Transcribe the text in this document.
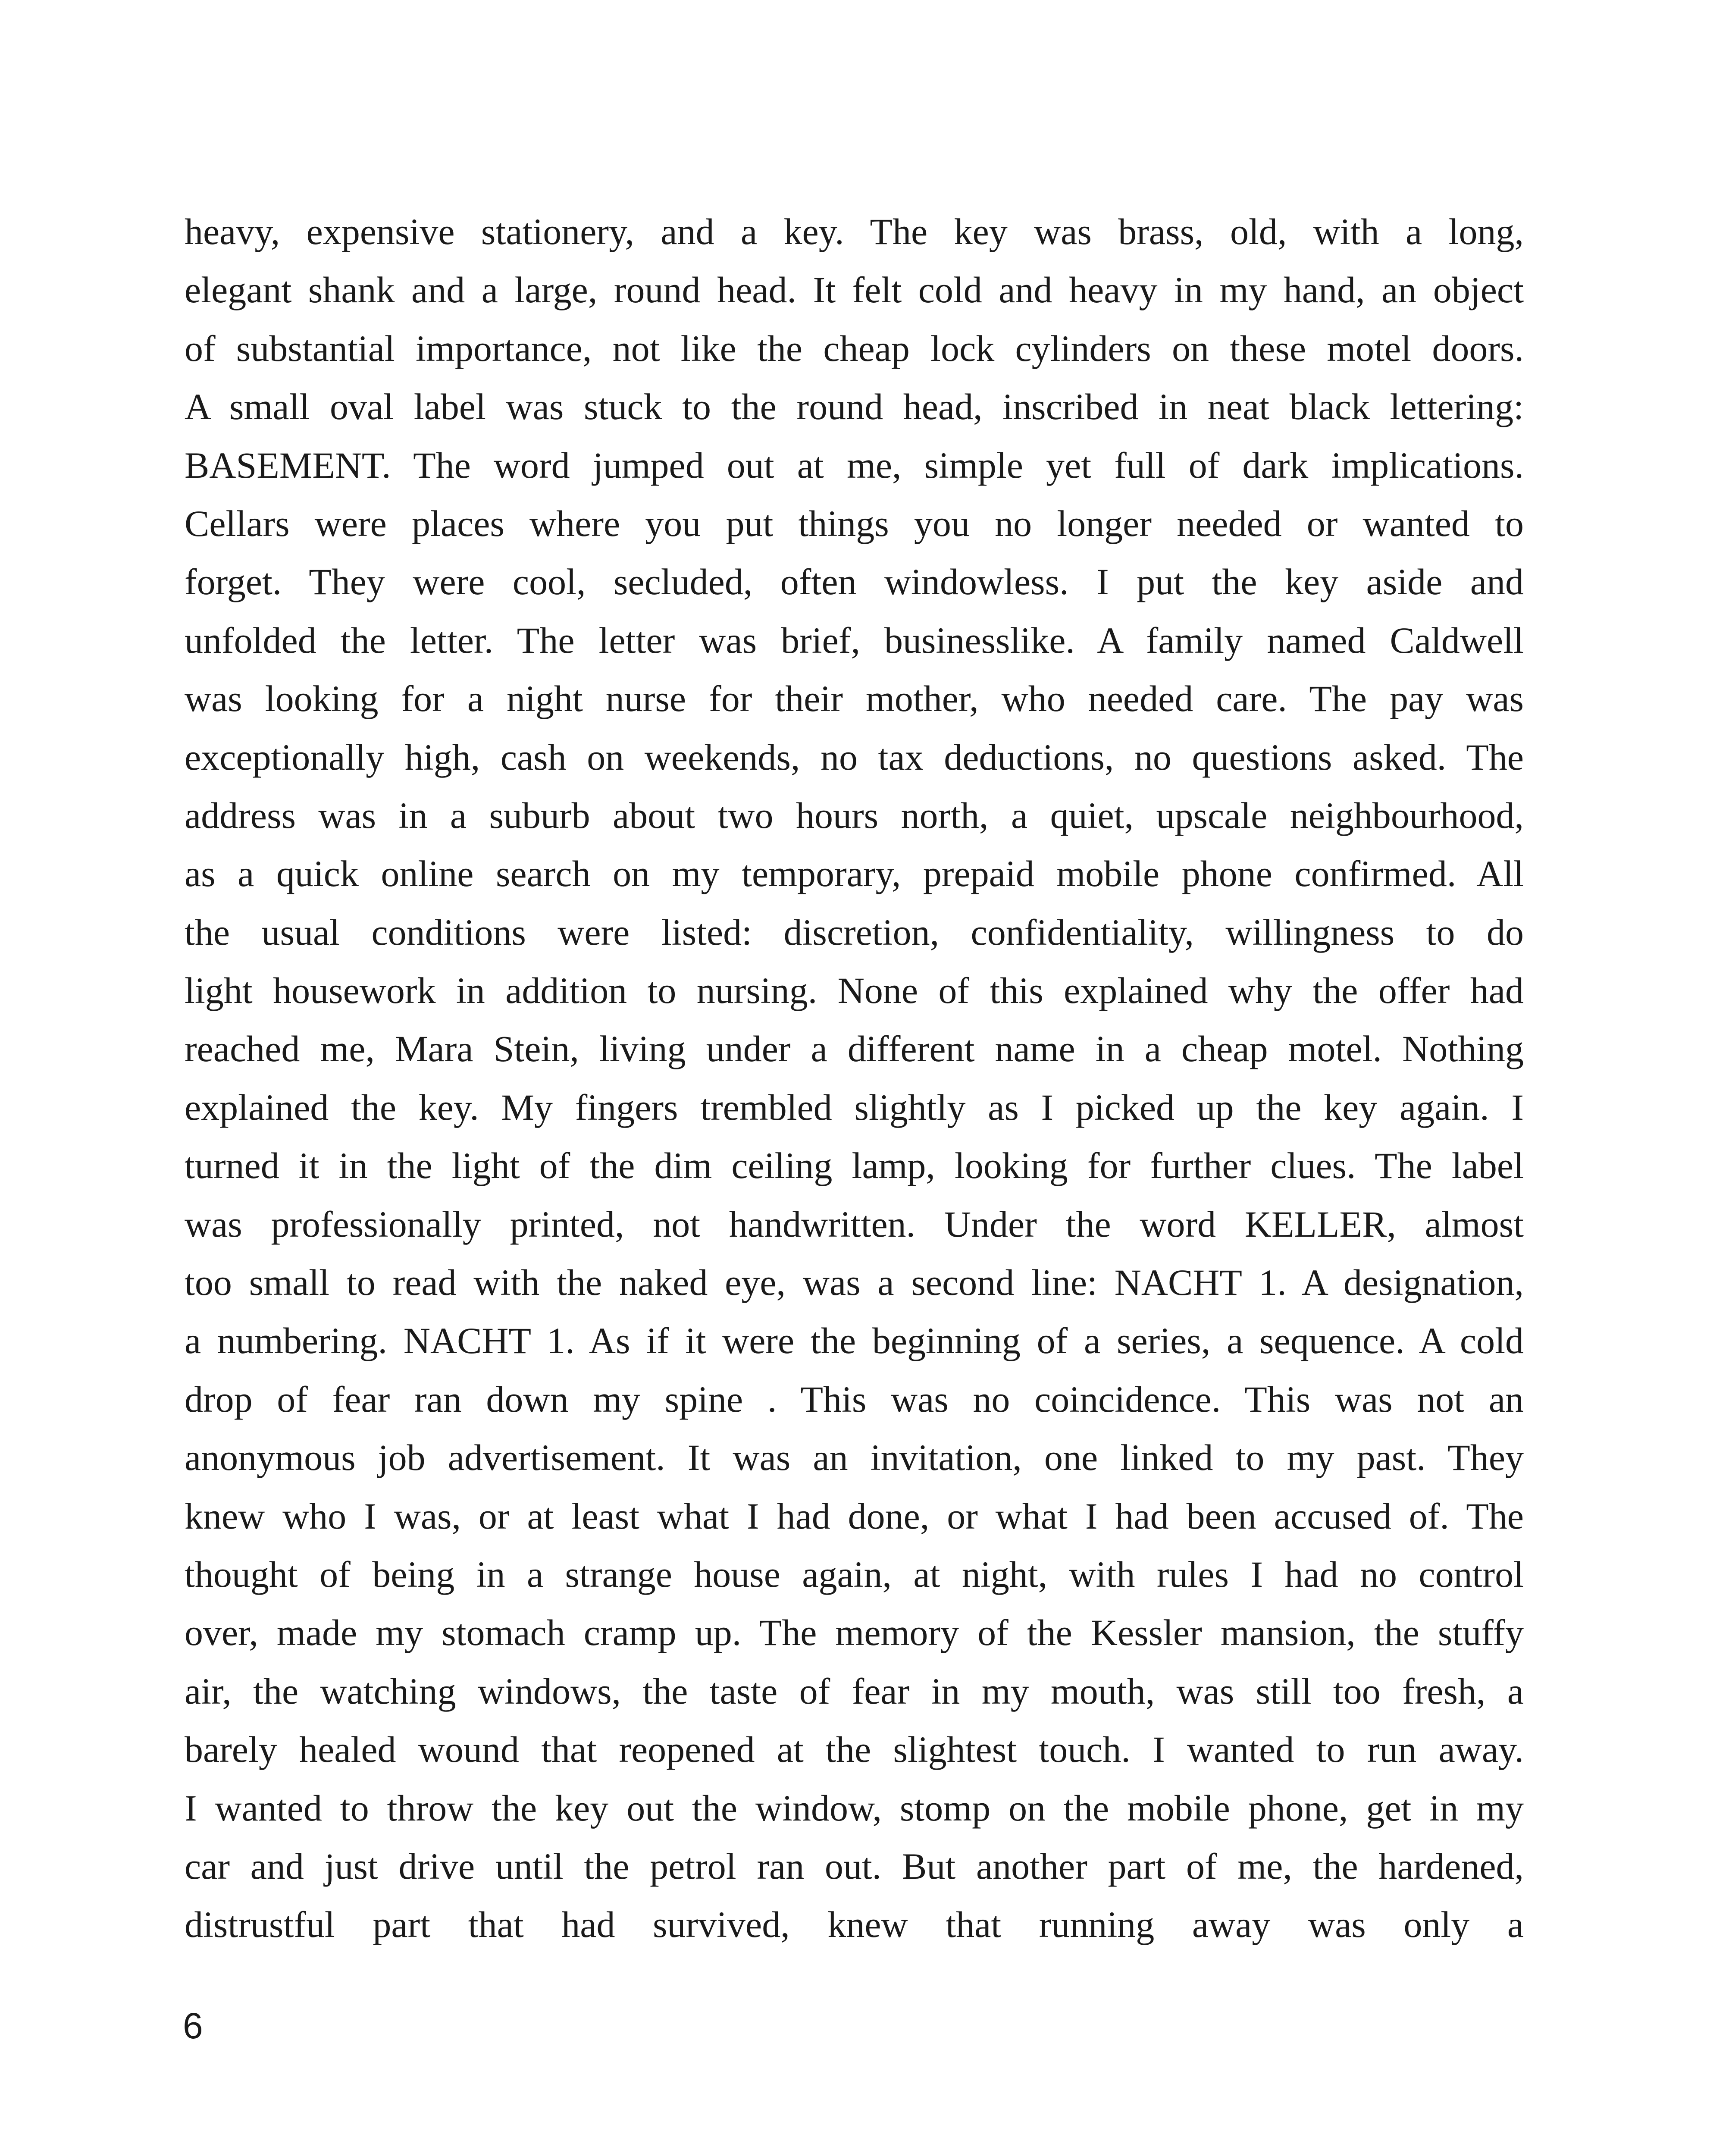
heavy, expensive stationery, and a key. The key was brass, old, with a long,
elegant shank and a large, round head. It felt cold and heavy in my hand, an object
of substantial importance, not like the cheap lock cylinders on these motel doors.
A small oval label was stuck to the round head, inscribed in neat black lettering:
BASEMENT. The word jumped out at me, simple yet full of dark implications.
Cellars were places where you put things you no longer needed or wanted to
forget. They were cool, secluded, often windowless. I put the key aside and
unfolded the letter. The letter was brief, businesslike. A family named Caldwell
was looking for a night nurse for their mother, who needed care. The pay was
exceptionally high, cash on weekends, no tax deductions, no questions asked. The
address was in a suburb about two hours north, a quiet, upscale neighbourhood,
as a quick online search on my temporary, prepaid mobile phone confirmed. All
the usual conditions were listed: discretion, confidentiality, willingness to do
light housework in addition to nursing. None of this explained why the offer had
reached me, Mara Stein, living under a different name in a cheap motel. Nothing
explained the key. My fingers trembled slightly as I picked up the key again. I
turned it in the light of the dim ceiling lamp, looking for further clues. The label
was professionally printed, not handwritten. Under the word KELLER, almost
too small to read with the naked eye, was a second line: NACHT 1. A designation,
a numbering. NACHT 1. As if it were the beginning of a series, a sequence. A cold
drop of fear ran down my spine . This was no coincidence. This was not an
anonymous job advertisement. It was an invitation, one linked to my past. They
knew who I was, or at least what I had done, or what I had been accused of. The
thought of being in a strange house again, at night, with rules I had no control
over, made my stomach cramp up. The memory of the Kessler mansion, the stuffy
air, the watching windows, the taste of fear in my mouth, was still too fresh, a
barely healed wound that reopened at the slightest touch. I wanted to run away.
I wanted to throw the key out the window, stomp on the mobile phone, get in my
car and just drive until the petrol ran out. But another part of me, the hardened,
distrustful part that had survived, knew that running away was only a

6
